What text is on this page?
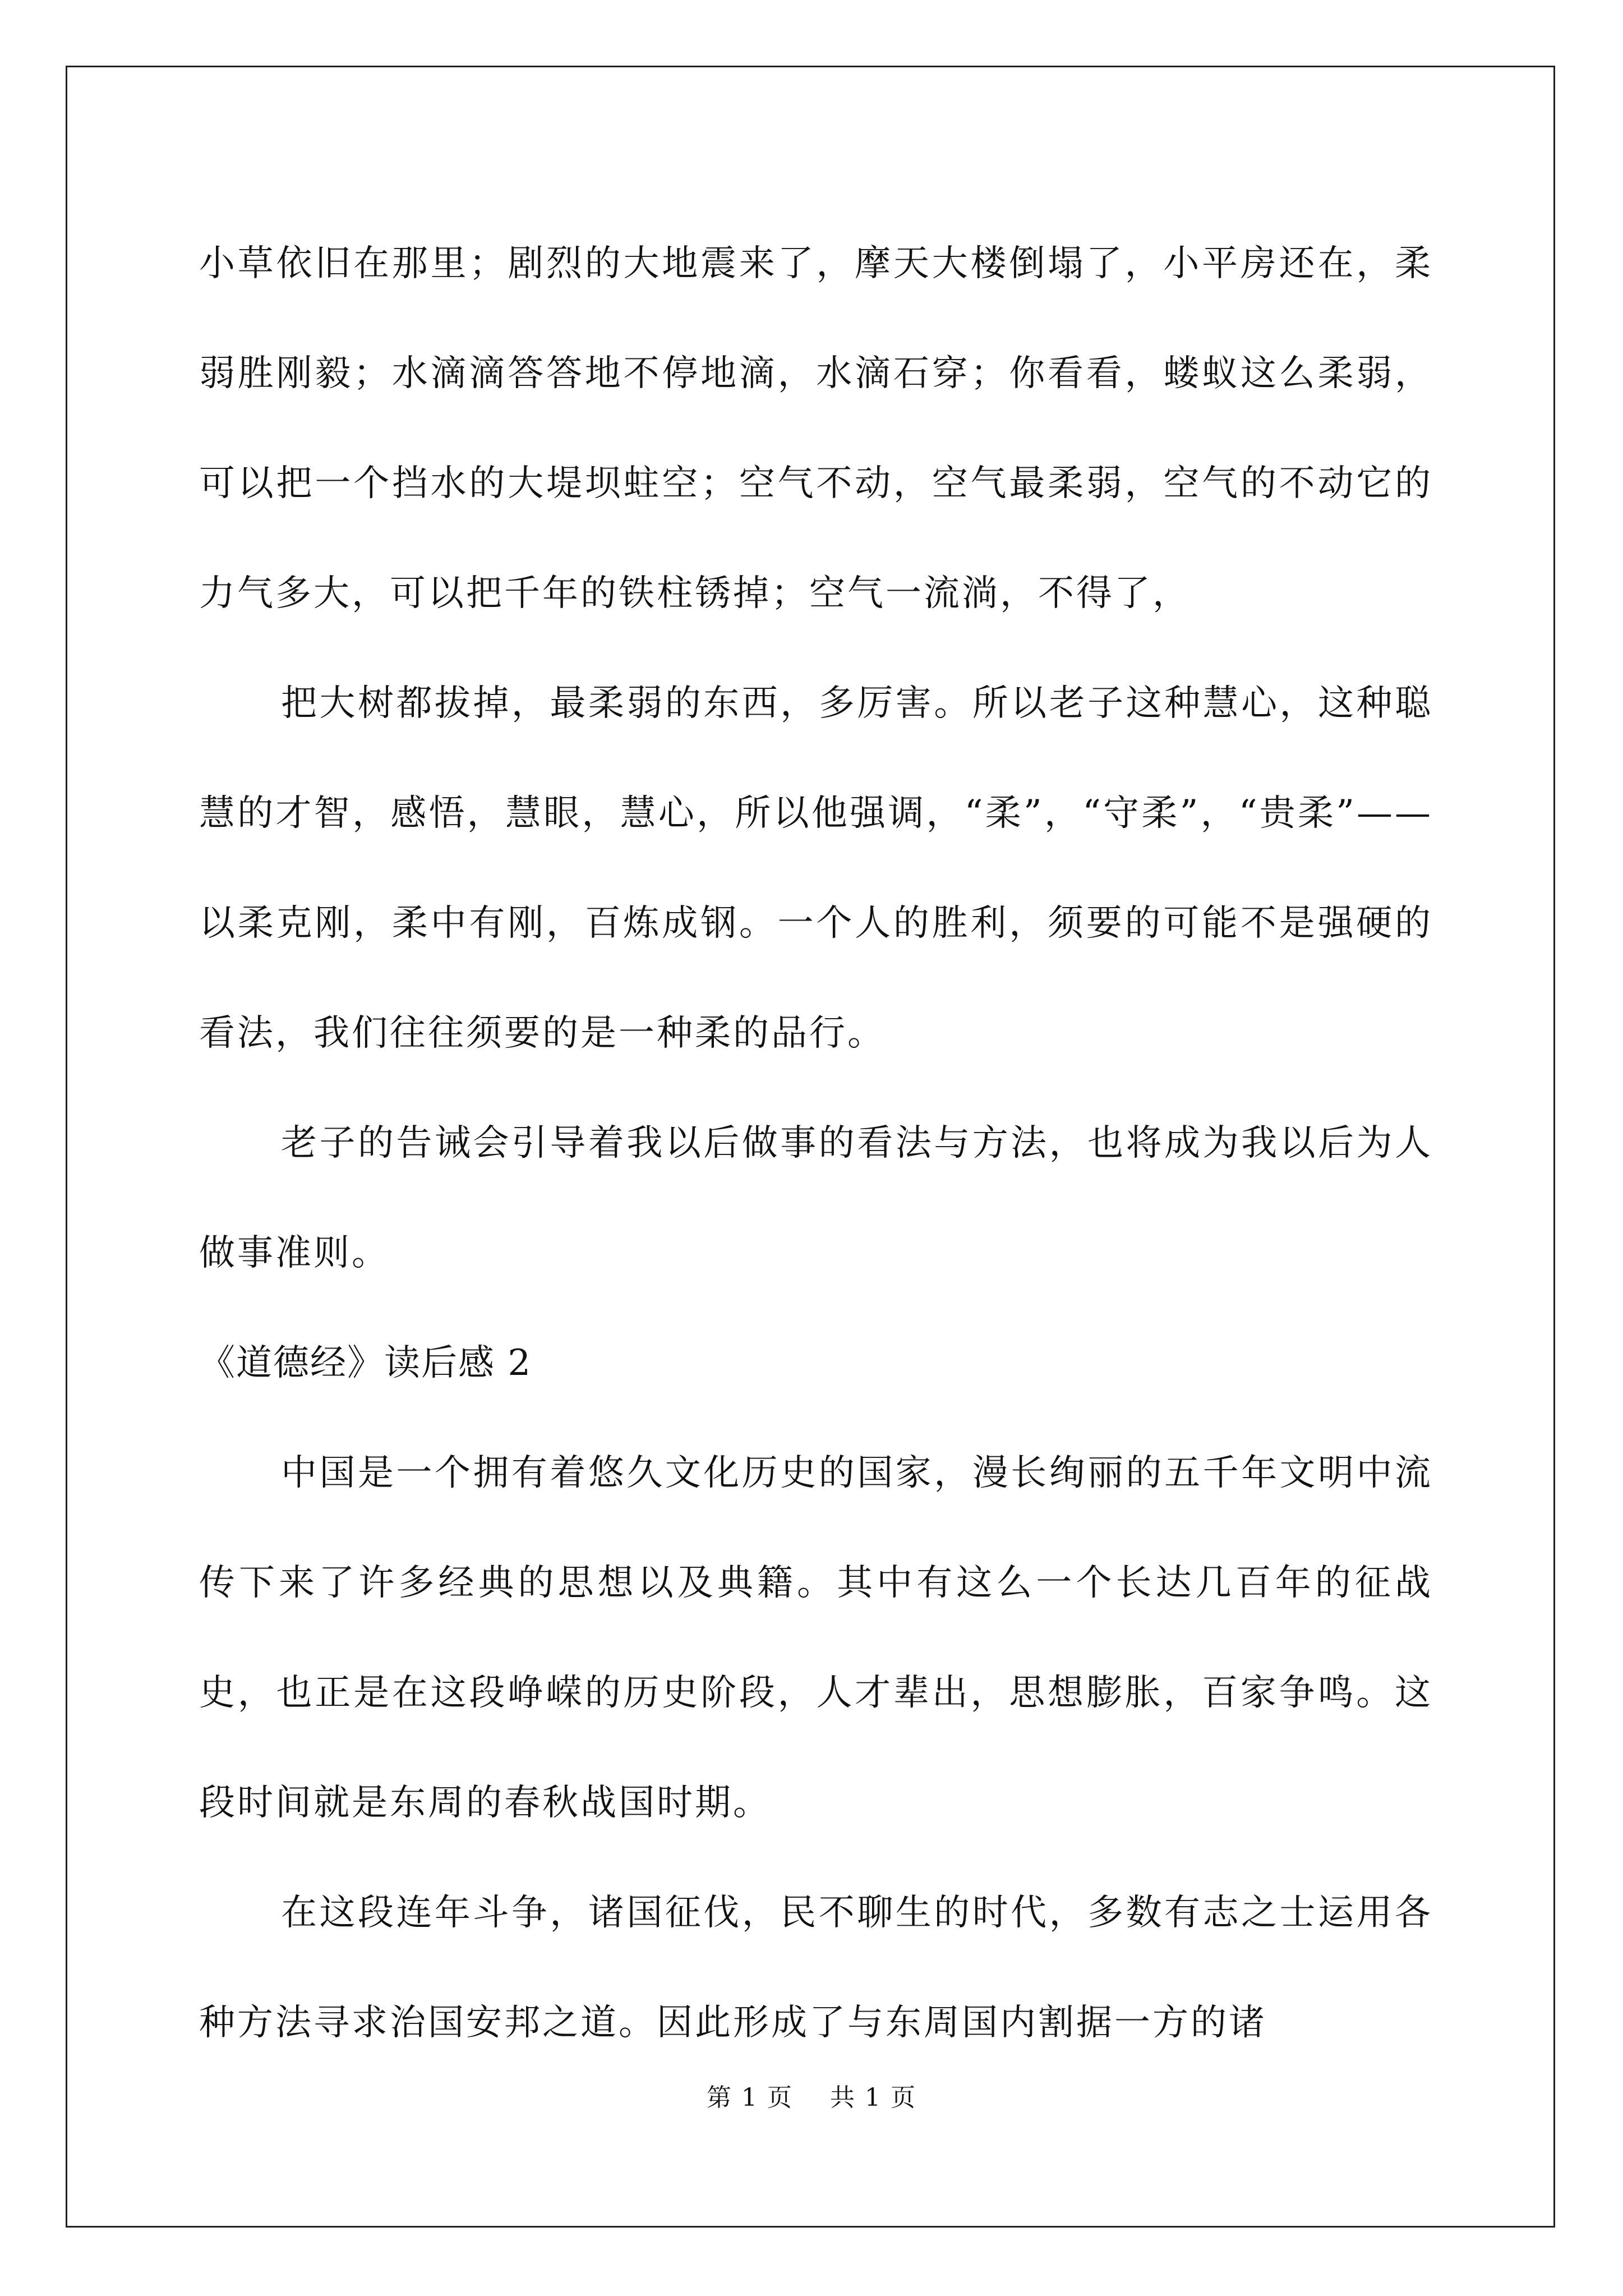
小草依旧在那里；剧烈的大地震来了，摩天大楼倒塌了，小平房还在，柔弱胜刚毅；水滴滴答答地不停地滴，水滴石穿；你看看，蝼蚁这么柔弱，可以把一个挡水的大堤坝蛀空；空气不动，空气最柔弱，空气的不动它的力气多大，可以把千年的铁柱锈掉；空气一流淌，不得了，

把大树都拔掉，最柔弱的东西，多厉害。所以老子这种慧心，这种聪慧的才智，感悟，慧眼，慧心，所以他强调，“柔”，“守柔”，“贵柔”——以柔克刚，柔中有刚，百炼成钢。一个人的胜利，须要的可能不是强硬的看法，我们往往须要的是一种柔的品行。

老子的告诫会引导着我以后做事的看法与方法，也将成为我以后为人做事准则。

《道德经》读后感 2

中国是一个拥有着悠久文化历史的国家，漫长绚丽的五千年文明中流传下来了许多经典的思想以及典籍。其中有这么一个长达几百年的征战史，也正是在这段峥嵘的历史阶段，人才辈出，思想膨胀，百家争鸣。这段时间就是东周的春秋战国时期。

在这段连年斗争，诸国征伐，民不聊生的时代，多数有志之士运用各种方法寻求治国安邦之道。因此形成了与东周国内割据一方的诸

第 1 页 共 1 页
